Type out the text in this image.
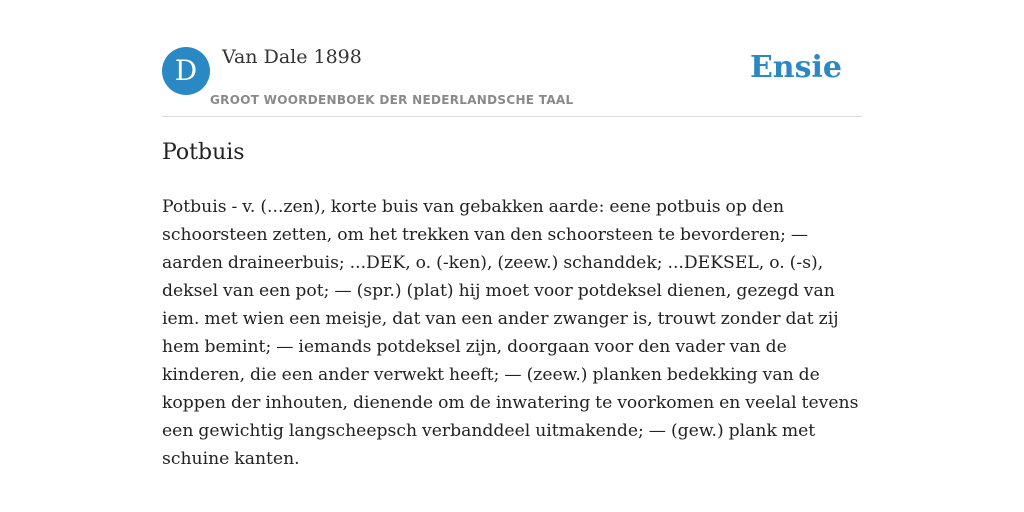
D	Van Dale 1898
GROOT WOORDENBOEK DER NEDERLANDSCHE TAAL
Ensie
Potbuis

Potbuis - v. (...zen), korte buis van gebakken aarde: eene potbuis op den schoorsteen zetten, om het trekken van den schoorsteen te bevorderen; — aarden draineerbuis; ...DEK, o. (-ken), (zeew.) schanddek; ...DEKSEL, o. (-s), deksel van een pot; — (spr.) (plat) hij moet voor potdeksel dienen, gezegd van iem. met wien een meisje, dat van een ander zwanger is, trouwt zonder dat zij hem bemint; — iemands potdeksel zijn, doorgaan voor den vader van de kinderen, die een ander verwekt heeft; — (zeew.) planken bedekking van de koppen der inhouten, dienende om de inwatering te voorkomen en veelal tevens een gewichtig langscheepsch verbanddeel uitmakende; — (gew.) plank met schuine kanten.
